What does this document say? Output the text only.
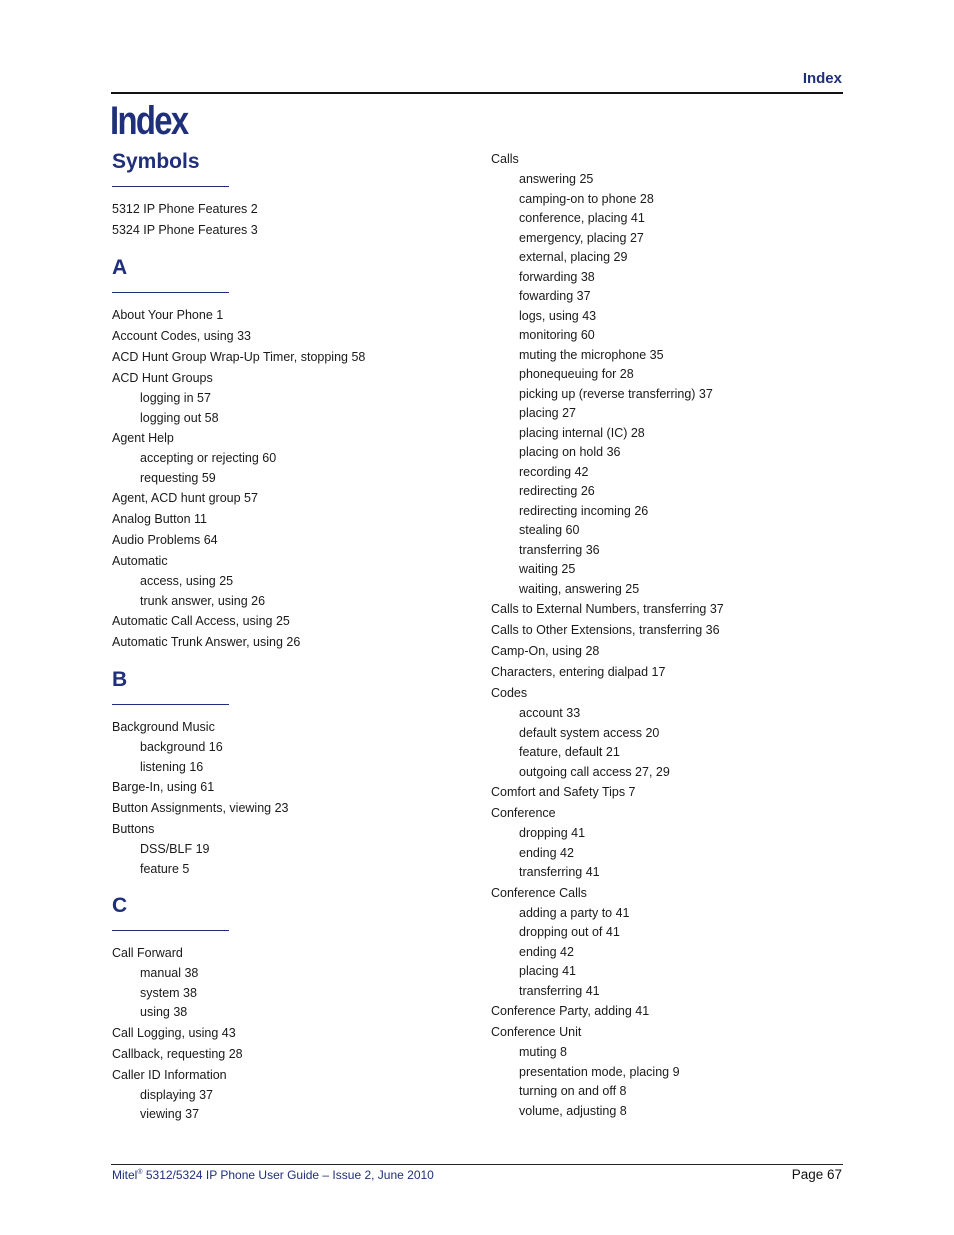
Index
Index
Symbols
5312 IP Phone Features 2
5324 IP Phone Features 3
A
About Your Phone 1
Account Codes, using 33
ACD Hunt Group Wrap-Up Timer, stopping 58
ACD Hunt Groups
logging in 57
logging out 58
Agent Help
accepting or rejecting 60
requesting 59
Agent, ACD hunt group 57
Analog Button 11
Audio Problems 64
Automatic
access, using 25
trunk answer, using 26
Automatic Call Access, using 25
Automatic Trunk Answer, using 26
B
Background Music
background 16
listening 16
Barge-In, using 61
Button Assignments, viewing 23
Buttons
DSS/BLF 19
feature 5
C
Call Forward
manual 38
system 38
using 38
Call Logging, using 43
Callback, requesting 28
Caller ID Information
displaying 37
viewing 37
Calls
answering 25
camping-on to phone 28
conference, placing 41
emergency, placing 27
external, placing 29
forwarding 38
fowarding 37
logs, using 43
monitoring 60
muting the microphone 35
phonequeuing for 28
picking up (reverse transferring) 37
placing 27
placing internal (IC) 28
placing on hold 36
recording 42
redirecting 26
redirecting incoming 26
stealing 60
transferring 36
waiting 25
waiting, answering 25
Calls to External Numbers, transferring 37
Calls to Other Extensions, transferring 36
Camp-On, using 28
Characters, entering dialpad 17
Codes
account 33
default system access 20
feature, default 21
outgoing call access 27, 29
Comfort and Safety Tips 7
Conference
dropping 41
ending 42
transferring 41
Conference Calls
adding a party to 41
dropping out of 41
ending 42
placing 41
transferring 41
Conference Party, adding 41
Conference Unit
muting 8
presentation mode, placing 9
turning on and off 8
volume, adjusting 8
Mitel® 5312/5324 IP Phone User Guide – Issue 2, June 2010	Page 67
